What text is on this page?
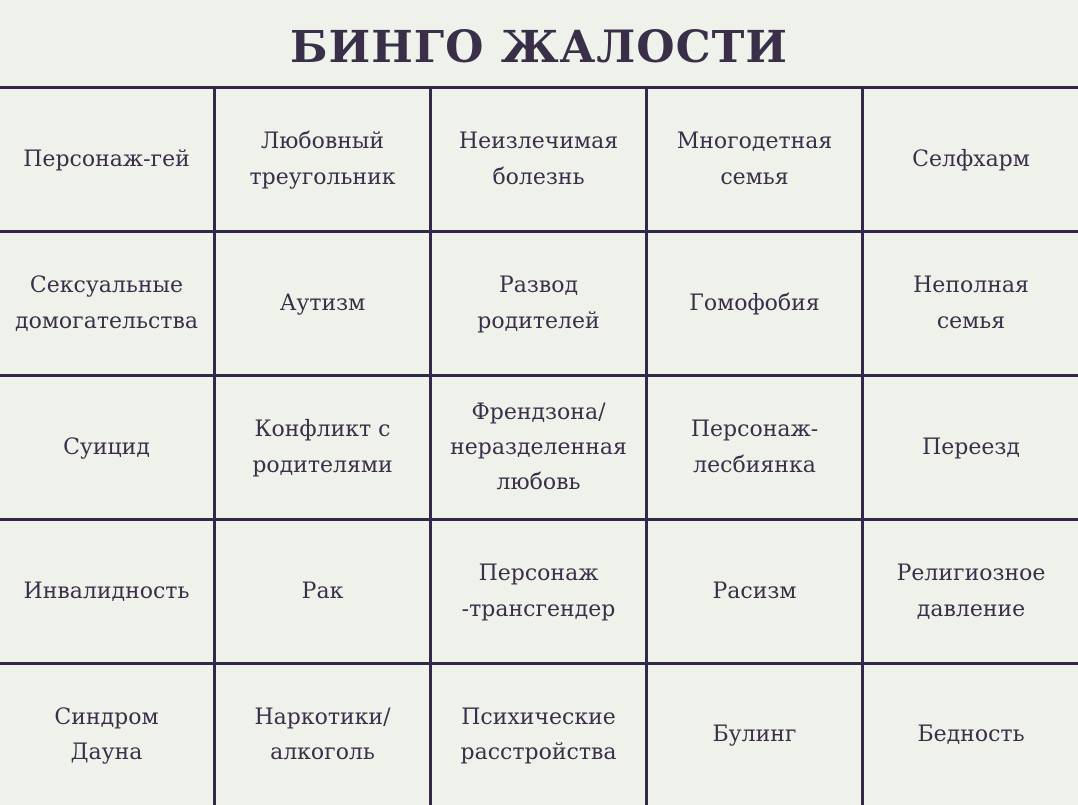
БИНГО ЖАЛОСТИ
Персонаж-гей
Любовный
треугольник
Неизлечимая
болезнь
Многодетная
семья
Селфхарм
Сексуальные
домогательства
Аутизм
Развод
родителей
Гомофобия
Неполная
семья
Суицид
Конфликт с
родителями
Френдзона/
неразделенная
любовь
Персонаж-
лесбиянка
Переезд
Инвалидность	Рак
Персонаж
-трансгендер
Расизм
Религиозное
давление
Синдром
Дауна
Наркотики/
алкоголь
Психические
расстройства
Булинг	Бедность
